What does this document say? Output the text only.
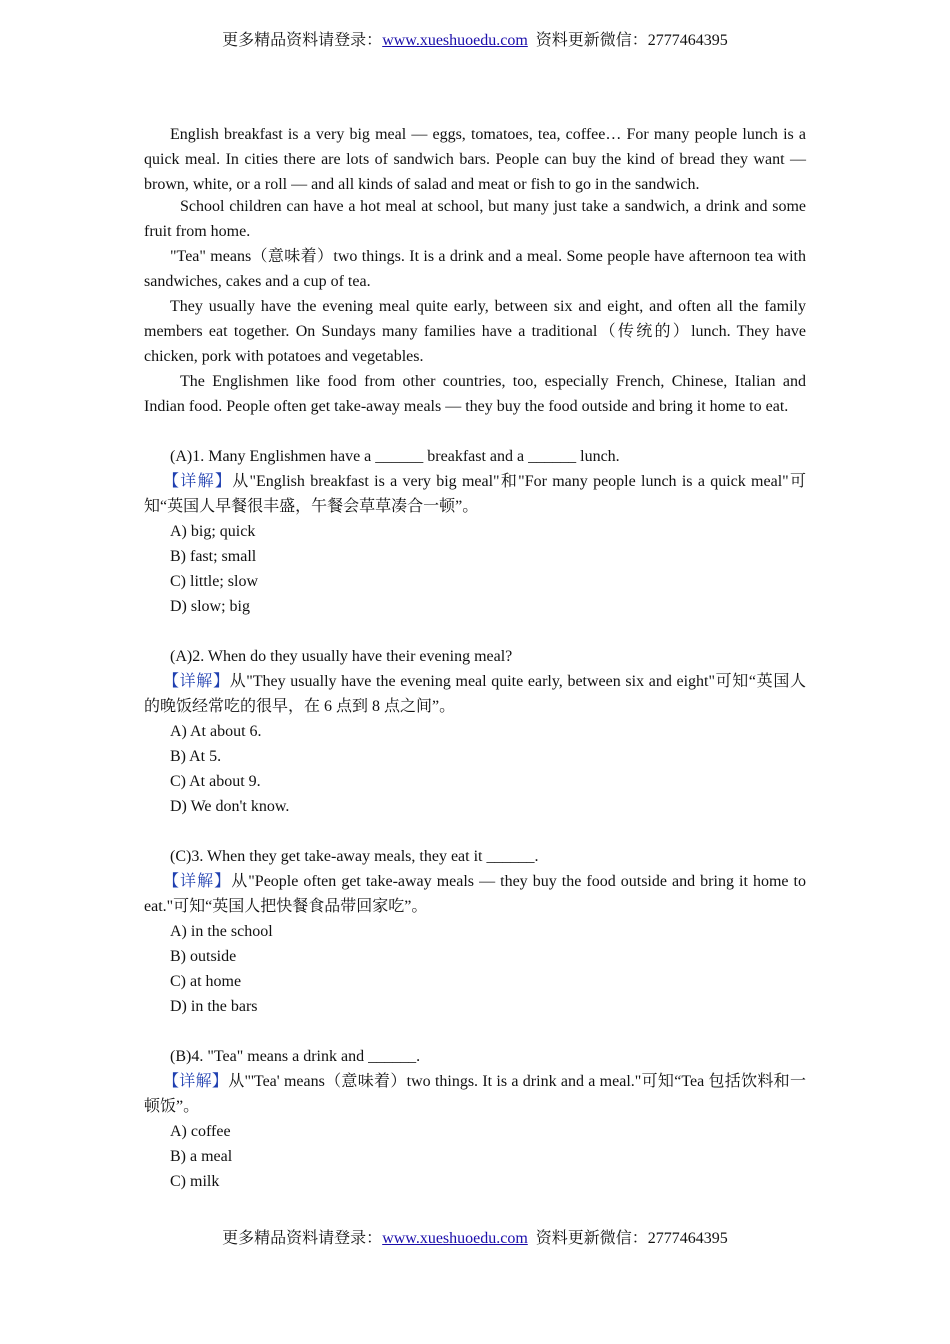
更多精品资料请登录：www.xueshuoedu.com 资料更新微信：2777464395

English breakfast is a very big meal — eggs, tomatoes, tea, coffee… For many people lunch is a quick meal. In cities there are lots of sandwich bars. People can buy the kind of bread they want — brown, white, or a roll — and all kinds of salad and meat or fish to go in the sandwich.

School children can have a hot meal at school, but many just take a sandwich, a drink and some fruit from home.

"Tea" means（意味着）two things. It is a drink and a meal. Some people have afternoon tea with sandwiches, cakes and a cup of tea.

They usually have the evening meal quite early, between six and eight, and often all the family members eat together. On Sundays many families have a traditional（传统的）lunch. They have chicken, pork with potatoes and vegetables.

The Englishmen like food from other countries, too, especially French, Chinese, Italian and Indian food. People often get take-away meals — they buy the food outside and bring it home to eat.

(A)1. Many Englishmen have a ______ breakfast and a ______ lunch.

【详解】从"English breakfast is a very big meal"和"For many people lunch is a quick meal"可知“英国人早餐很丰盛，午餐会草草凑合一顿”。

A) big; quick

B) fast; small

C) little; slow

D) slow; big

(A)2. When do they usually have their evening meal?

【详解】从"They usually have the evening meal quite early, between six and eight"可知“英国人的晚饭经常吃的很早，在 6 点到 8 点之间”。

A) At about 6.

B) At 5.

C) At about 9.

D) We don't know.

(C)3. When they get take-away meals, they eat it ______.

【详解】从"People often get take-away meals — they buy the food outside and bring it home to eat."可知“英国人把快餐食品带回家吃”。

A) in the school

B) outside

C) at home

D) in the bars

(B)4. "Tea" means a drink and ______.

【详解】从"'Tea' means（意味着）two things. It is a drink and a meal."可知“Tea 包括饮料和一顿饭”。

A) coffee

B) a meal

C) milk

更多精品资料请登录：www.xueshuoedu.com 资料更新微信：2777464395
